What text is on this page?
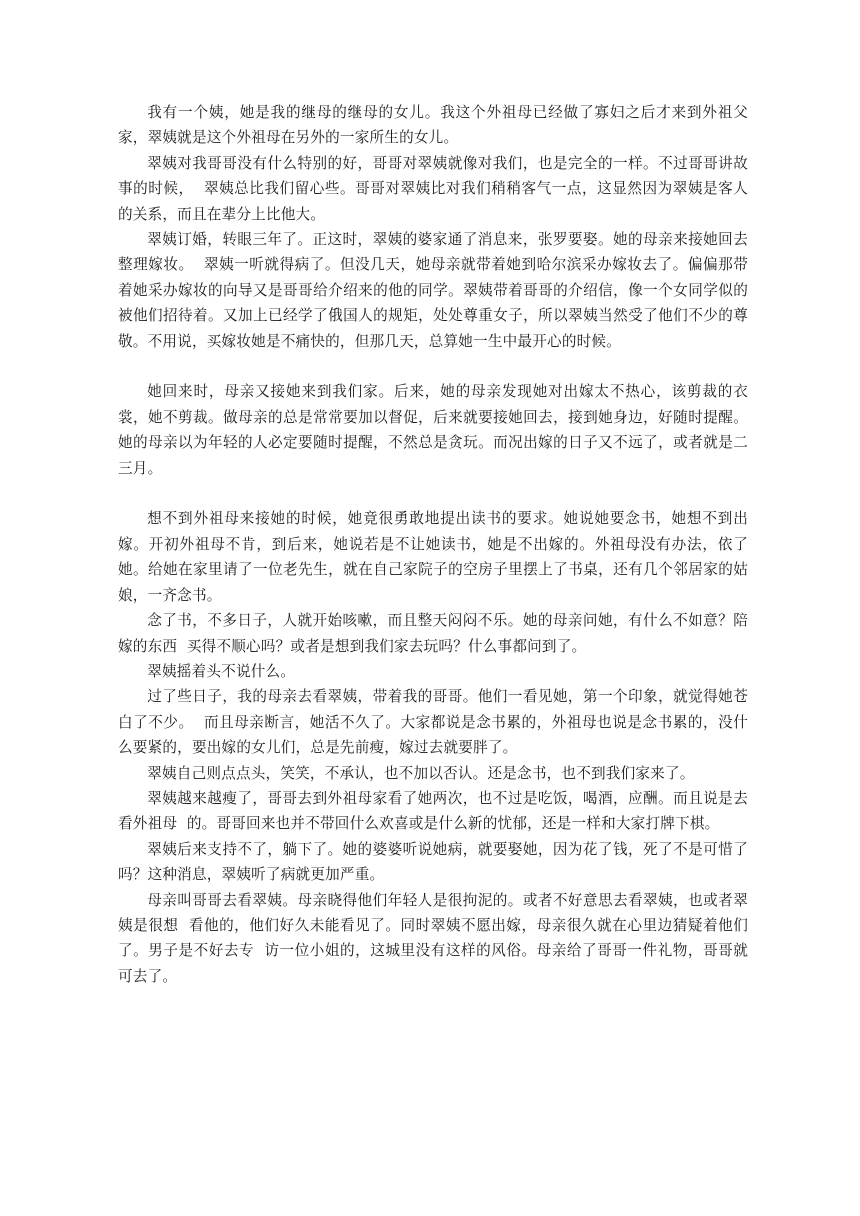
我有一个姨，她是我的继母的继母的女儿。我这个外祖母已经做了寡妇之后才来到外祖父家，翠姨就是这个外祖母在另外的一家所生的女儿。

翠姨对我哥哥没有什么特别的好，哥哥对翠姨就像对我们，也是完全的一样。不过哥哥讲故事的时候，  翠姨总比我们留心些。哥哥对翠姨比对我们稍稍客气一点，这显然因为翠姨是客人的关系，而且在辈分上比他大。

翠姨订婚，转眼三年了。正这时，翠姨的婆家通了消息来，张罗要娶。她的母亲来接她回去整理嫁妆。  翠姨一听就得病了。但没几天，她母亲就带着她到哈尔滨采办嫁妆去了。偏偏那带着她采办嫁妆的向导又是哥哥给介绍来的他的同学。翠姨带着哥哥的介绍信，像一个女同学似的被他们招待着。又加上已经学了俄国人的规矩，处处尊重女子，所以翠姨当然受了他们不少的尊敬。不用说，买嫁妆她是不痛快的，但那几天，总算她一生中最开心的时候。

她回来时，母亲又接她来到我们家。后来，她的母亲发现她对出嫁太不热心，该剪裁的衣裳，她不剪裁。做母亲的总是常常要加以督促，后来就要接她回去，接到她身边，好随时提醒。她的母亲以为年轻的人必定要随时提醒，不然总是贪玩。而况出嫁的日子又不远了，或者就是二三月。

想不到外祖母来接她的时候，她竟很勇敢地提出读书的要求。她说她要念书，她想不到出嫁。开初外祖母不肯，到后来，她说若是不让她读书，她是不出嫁的。外祖母没有办法，依了她。给她在家里请了一位老先生，就在自己家院子的空房子里摆上了书桌，还有几个邻居家的姑娘，一齐念书。

念了书，不多日子，人就开始咳嗽，而且整天闷闷不乐。她的母亲问她，有什么不如意？陪嫁的东西  买得不顺心吗？或者是想到我们家去玩吗？什么事都问到了。

翠姨摇着头不说什么。

过了些日子，我的母亲去看翠姨，带着我的哥哥。他们一看见她，第一个印象，就觉得她苍白了不少。  而且母亲断言，她活不久了。大家都说是念书累的，外祖母也说是念书累的，没什么要紧的，要出嫁的女儿们，总是先前瘦，嫁过去就要胖了。

翠姨自己则点点头，笑笑，不承认，也不加以否认。还是念书，也不到我们家来了。

翠姨越来越瘦了，哥哥去到外祖母家看了她两次，也不过是吃饭，喝酒，应酬。而且说是去看外祖母  的。哥哥回来也并不带回什么欢喜或是什么新的忧郁，还是一样和大家打牌下棋。

翠姨后来支持不了，躺下了。她的婆婆听说她病，就要娶她，因为花了钱，死了不是可惜了吗？这种消息，翠姨听了病就更加严重。

母亲叫哥哥去看翠姨。母亲晓得他们年轻人是很拘泥的。或者不好意思去看翠姨，也或者翠姨是很想  看他的，他们好久未能看见了。同时翠姨不愿出嫁，母亲很久就在心里边猜疑着他们了。男子是不好去专  访一位小姐的，这城里没有这样的风俗。母亲给了哥哥一件礼物，哥哥就可去了。
